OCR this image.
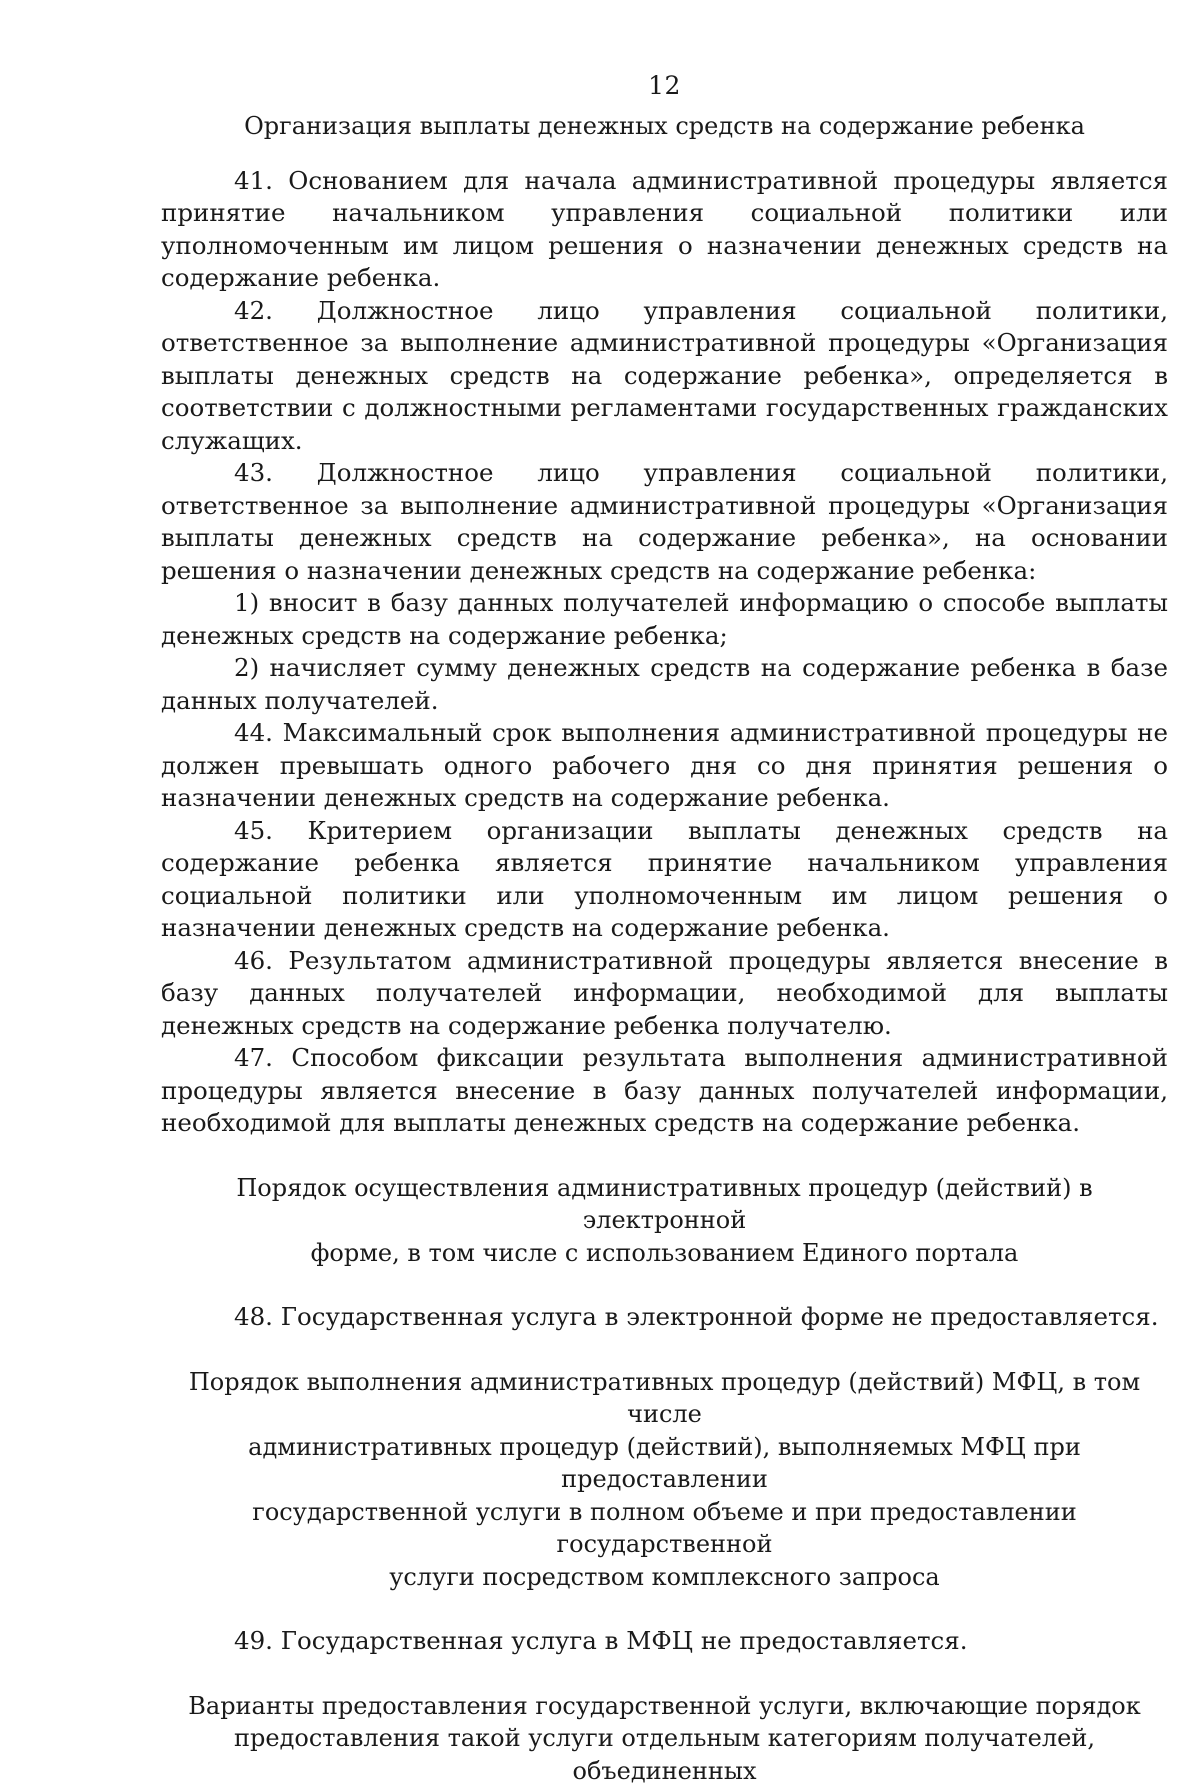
12

Организация выплаты денежных средств на содержание ребенка

41. Основанием для начала административной процедуры является принятие начальником управления социальной политики или уполномоченным им лицом решения о назначении денежных средств на содержание ребенка.

42. Должностное лицо управления социальной политики, ответственное за выполнение административной процедуры «Организация выплаты денежных средств на содержание ребенка», определяется в соответствии с должностными регламентами государственных гражданских служащих.

43. Должностное лицо управления социальной политики, ответственное за выполнение административной процедуры «Организация выплаты денежных средств на содержание ребенка», на основании решения о назначении денежных средств на содержание ребенка:

1) вносит в базу данных получателей информацию о способе выплаты денежных средств на содержание ребенка;

2) начисляет сумму денежных средств на содержание ребенка в базе данных получателей.

44. Максимальный срок выполнения административной процедуры не должен превышать одного рабочего дня со дня принятия решения о назначении денежных средств на содержание ребенка.

45. Критерием организации выплаты денежных средств на содержание ребенка является принятие начальником управления социальной политики или уполномоченным им лицом решения о назначении денежных средств на содержание ребенка.

46. Результатом административной процедуры является внесение в базу данных получателей информации, необходимой для выплаты денежных средств на содержание ребенка получателю.

47. Способом фиксации результата выполнения административной процедуры является внесение в базу данных получателей информации, необходимой для выплаты денежных средств на содержание ребенка.

Порядок осуществления административных процедур (действий) в электронной

форме, в том числе с использованием Единого портала

48. Государственная услуга в электронной форме не предоставляется.

Порядок выполнения административных процедур (действий) МФЦ, в том числе

административных процедур (действий), выполняемых МФЦ при предоставлении

государственной услуги в полном объеме и при предоставлении государственной

услуги посредством комплексного запроса

49. Государственная услуга в МФЦ не предоставляется.

Варианты предоставления государственной услуги, включающие порядок

предоставления такой услуги отдельным категориям получателей, объединенных
